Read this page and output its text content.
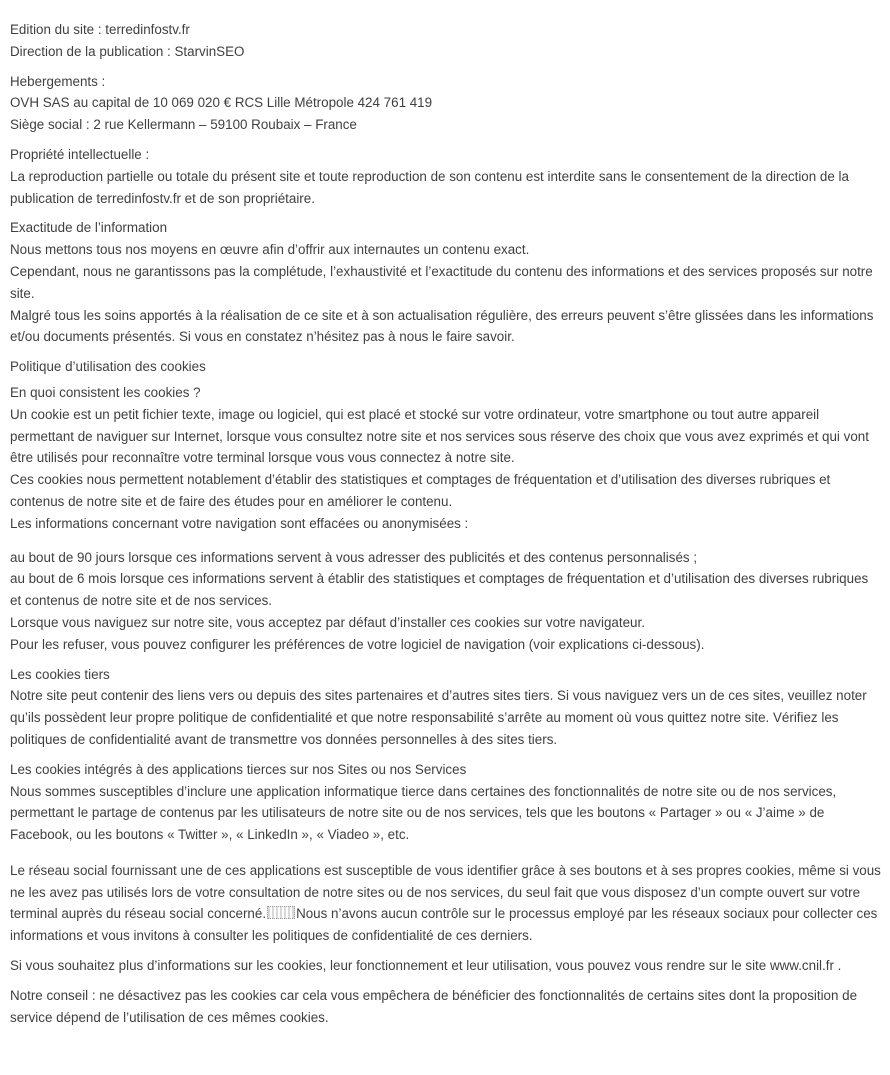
Edition du site : terredinfostv.fr
Direction de la publication : StarvinSEO
Hebergements :
OVH SAS au capital de 10 069 020 € RCS Lille Métropole 424 761 419
Siège social : 2 rue Kellermann – 59100 Roubaix – France
Propriété intellectuelle :
La reproduction partielle ou totale du présent site et toute reproduction de son contenu est interdite sans le consentement de la direction de la publication de terredinfostv.fr et de son propriétaire.
Exactitude de l’information
Nous mettons tous nos moyens en œuvre afin d’offrir aux internautes un contenu exact.
Cependant, nous ne garantissons pas la complétude, l’exhaustivité et l’exactitude du contenu des informations et des services proposés sur notre site.
Malgré tous les soins apportés à la réalisation de ce site et à son actualisation régulière, des erreurs peuvent s’être glissées dans les informations et/ou documents présentés. Si vous en constatez n’hésitez pas à nous le faire savoir.
Politique d’utilisation des cookies
En quoi consistent les cookies ?
Un cookie est un petit fichier texte, image ou logiciel, qui est placé et stocké sur votre ordinateur, votre smartphone ou tout autre appareil permettant de naviguer sur Internet, lorsque vous consultez notre site et nos services sous réserve des choix que vous avez exprimés et qui vont être utilisés pour reconnaître votre terminal lorsque vous vous connectez à notre site.
Ces cookies nous permettent notablement d’établir des statistiques et comptages de fréquentation et d’utilisation des diverses rubriques et contenus de notre site et de faire des études pour en améliorer le contenu.
Les informations concernant votre navigation sont effacées ou anonymisées :
au bout de 90 jours lorsque ces informations servent à vous adresser des publicités et des contenus personnalisés ;
au bout de 6 mois lorsque ces informations servent à établir des statistiques et comptages de fréquentation et d’utilisation des diverses rubriques et contenus de notre site et de nos services.
Lorsque vous naviguez sur notre site, vous acceptez par défaut d’installer ces cookies sur votre navigateur.
Pour les refuser, vous pouvez configurer les préférences de votre logiciel de navigation (voir explications ci-dessous).
Les cookies tiers
Notre site peut contenir des liens vers ou depuis des sites partenaires et d’autres sites tiers. Si vous naviguez vers un de ces sites, veuillez noter qu’ils possèdent leur propre politique de confidentialité et que notre responsabilité s’arrête au moment où vous quittez notre site. Vérifiez les politiques de confidentialité avant de transmettre vos données personnelles à des sites tiers.
Les cookies intégrés à des applications tierces sur nos Sites ou nos Services
Nous sommes susceptibles d’inclure une application informatique tierce dans certaines des fonctionnalités de notre site ou de nos services, permettant le partage de contenus par les utilisateurs de notre site ou de nos services, tels que les boutons « Partager » ou « J’aime » de Facebook, ou les boutons « Twitter », « LinkedIn », « Viadeo », etc.
Le réseau social fournissant une de ces applications est susceptible de vous identifier grâce à ses boutons et à ses propres cookies, même si vous ne les avez pas utilisés lors de votre consultation de notre sites ou de nos services, du seul fait que vous disposez d’un compte ouvert sur votre terminal auprès du réseau social concerné. Nous n’avons aucun contrôle sur le processus employé par les réseaux sociaux pour collecter ces informations et vous invitons à consulter les politiques de confidentialité de ces derniers.
Si vous souhaitez plus d’informations sur les cookies, leur fonctionnement et leur utilisation, vous pouvez vous rendre sur le site www.cnil.fr .
Notre conseil : ne désactivez pas les cookies car cela vous empêchera de bénéficier des fonctionnalités de certains sites dont la proposition de service dépend de l’utilisation de ces mêmes cookies.
